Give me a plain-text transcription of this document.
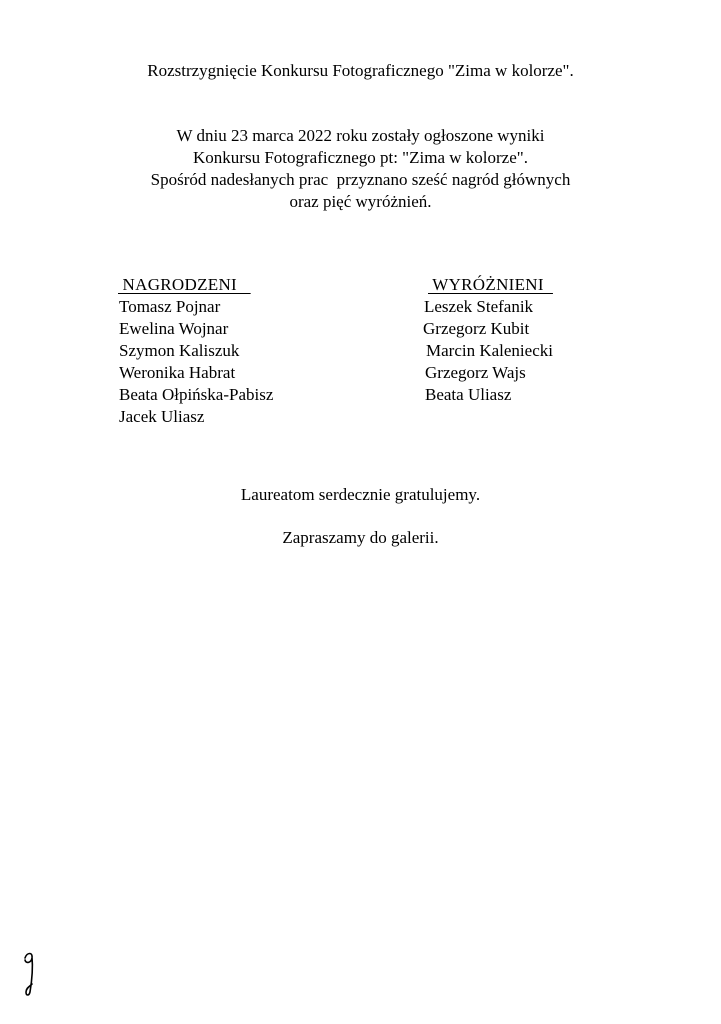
Rozstrzygnięcie Konkursu Fotograficznego "Zima w kolorze".
W dniu 23 marca 2022 roku zostały ogłoszone wyniki
Konkursu Fotograficznego pt: "Zima w kolorze".
Spośród nadesłanych prac  przyznano sześć nagród głównych
oraz pięć wyróżnień.
NAGRODZENI
Tomasz Pojnar
Ewelina Wojnar
Szymon Kaliszuk
Weronika Habrat
Beata Ołpińska-Pabisz
Jacek Uliasz
WYRÓŻNIENI
Leszek Stefanik
Grzegorz Kubit
Marcin Kaleniecki
Grzegorz Wajs
Beata Uliasz
Laureatom serdecznie gratulujemy.
Zapraszamy do galerii.
